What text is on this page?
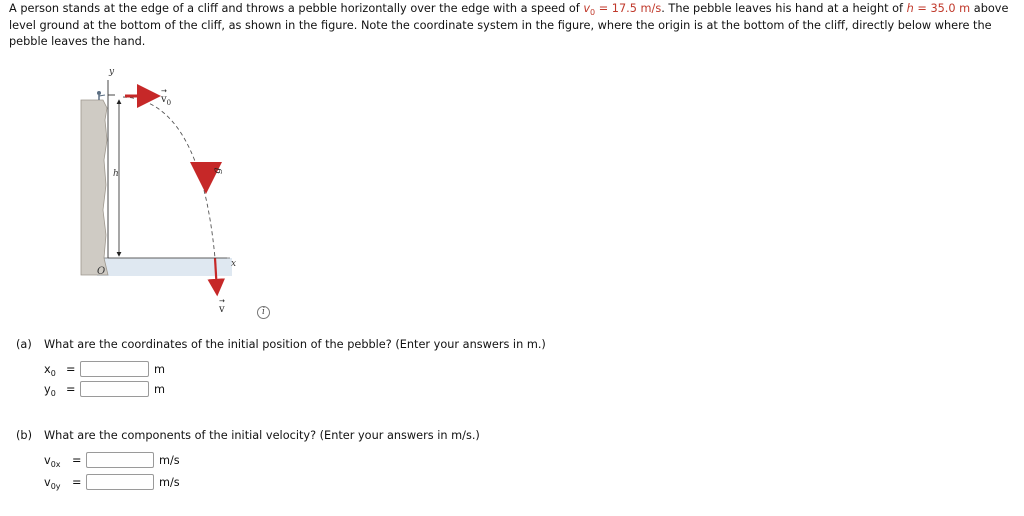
A person stands at the edge of a cliff and throws a pebble horizontally over the edge with a speed of $v_0 = 17.5$ m/s. The pebble leaves his hand at a height of h = 35.0 m above level ground at the bottom of the cliff, as shown in the figure. Note the coordinate system in the figure, where the origin is at the bottom of the cliff, directly below where the pebble leaves the hand.
y
x
O
h
$v_0$
→
g
v
→
i
(a) What are the coordinates of the initial position of the pebble? (Enter your answers in m.)
$x_0$ =	m
$y_0$ =	m
(b) What are the components of the initial velocity? (Enter your answers in m/s.)
$v_{0x}$ =	m/s
$v_{0y}$ =	m/s
